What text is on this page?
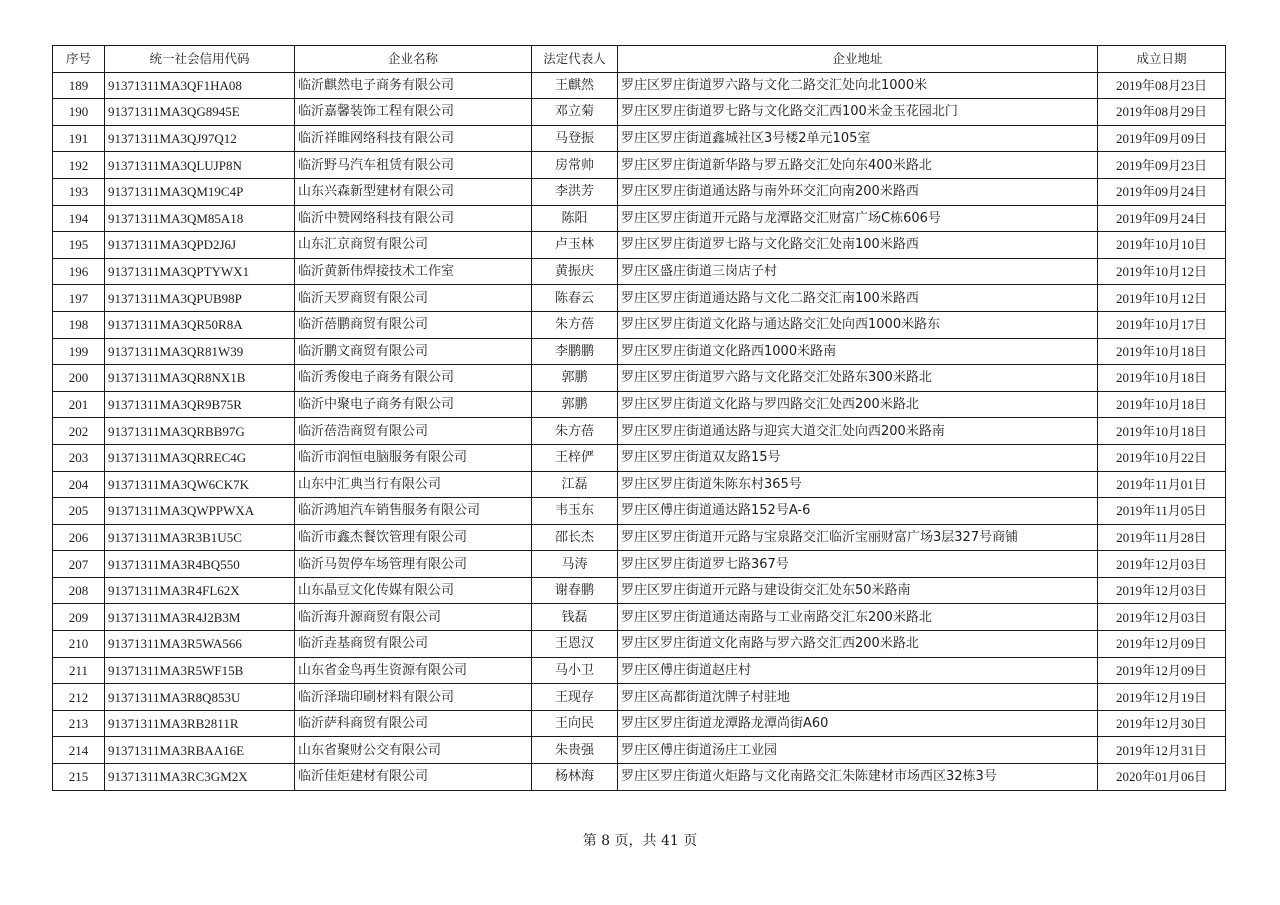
序号	统一社会信用代码	企业名称	法定代表人	企业地址	成立日期
189	91371311MA3QF1HA08	临沂麒然电子商务有限公司	王麒然	罗庄区罗庄街道罗六路与文化二路交汇处向北1000米	2019年08月23日
190	91371311MA3QG8945E	临沂嘉馨装饰工程有限公司	邓立菊	罗庄区罗庄街道罗七路与文化路交汇西100米金玉花园北门	2019年08月29日
191	91371311MA3QJ97Q12	临沂祥睢网络科技有限公司	马登振	罗庄区罗庄街道鑫城社区3号楼2单元105室	2019年09月09日
192	91371311MA3QLUJP8N	临沂野马汽车租赁有限公司	房常帅	罗庄区罗庄街道新华路与罗五路交汇处向东400米路北	2019年09月23日
193	91371311MA3QM19C4P	山东兴森新型建材有限公司	李洪芳	罗庄区罗庄街道通达路与南外环交汇向南200米路西	2019年09月24日
194	91371311MA3QM85A18	临沂中赞网络科技有限公司	陈阳	罗庄区罗庄街道开元路与龙潭路交汇财富广场C栋606号	2019年09月24日
195	91371311MA3QPD2J6J	山东汇京商贸有限公司	卢玉林	罗庄区罗庄街道罗七路与文化路交汇处南100米路西	2019年10月10日
196	91371311MA3QPTYWX1	临沂黄新伟焊接技术工作室	黄振庆	罗庄区盛庄街道三岗店子村	2019年10月12日
197	91371311MA3QPUB98P	临沂天罗商贸有限公司	陈春云	罗庄区罗庄街道通达路与文化二路交汇南100米路西	2019年10月12日
198	91371311MA3QR50R8A	临沂蓓鹏商贸有限公司	朱方蓓	罗庄区罗庄街道文化路与通达路交汇处向西1000米路东	2019年10月17日
199	91371311MA3QR81W39	临沂鹏文商贸有限公司	李鹏鹏	罗庄区罗庄街道文化路西1000米路南	2019年10月18日
200	91371311MA3QR8NX1B	临沂秀俊电子商务有限公司	郭鹏	罗庄区罗庄街道罗六路与文化路交汇处路东300米路北	2019年10月18日
201	91371311MA3QR9B75R	临沂中聚电子商务有限公司	郭鹏	罗庄区罗庄街道文化路与罗四路交汇处西200米路北	2019年10月18日
202	91371311MA3QRBB97G	临沂蓓浩商贸有限公司	朱方蓓	罗庄区罗庄街道通达路与迎宾大道交汇处向西200米路南	2019年10月18日
203	91371311MA3QRREC4G	临沂市润恒电脑服务有限公司	王梓俨	罗庄区罗庄街道双友路15号	2019年10月22日
204	91371311MA3QW6CK7K	山东中汇典当行有限公司	江磊	罗庄区罗庄街道朱陈东村365号	2019年11月01日
205	91371311MA3QWPPWXA	临沂鸿旭汽车销售服务有限公司	韦玉东	罗庄区傅庄街道通达路152号A-6	2019年11月05日
206	91371311MA3R3B1U5C	临沂市鑫杰餐饮管理有限公司	邵长杰	罗庄区罗庄街道开元路与宝泉路交汇临沂宝丽财富广场3层327号商铺	2019年11月28日
207	91371311MA3R4BQ550	临沂马贺停车场管理有限公司	马涛	罗庄区罗庄街道罗七路367号	2019年12月03日
208	91371311MA3R4FL62X	山东晶豆文化传媒有限公司	谢春鹏	罗庄区罗庄街道开元路与建设街交汇处东50米路南	2019年12月03日
209	91371311MA3R4J2B3M	临沂海升源商贸有限公司	钱磊	罗庄区罗庄街道通达南路与工业南路交汇东200米路北	2019年12月03日
210	91371311MA3R5WA566	临沂垚基商贸有限公司	王恩汉	罗庄区罗庄街道文化南路与罗六路交汇西200米路北	2019年12月09日
211	91371311MA3R5WF15B	山东省金鸟再生资源有限公司	马小卫	罗庄区傅庄街道赵庄村	2019年12月09日
212	91371311MA3R8Q853U	临沂泽瑞印刷材料有限公司	王现存	罗庄区高都街道沈牌子村驻地	2019年12月19日
213	91371311MA3RB2811R	临沂萨科商贸有限公司	王向民	罗庄区罗庄街道龙潭路龙潭尚街A60	2019年12月30日
214	91371311MA3RBAA16E	山东省聚财公交有限公司	朱贵强	罗庄区傅庄街道汤庄工业园	2019年12月31日
215	91371311MA3RC3GM2X	临沂佳炬建材有限公司	杨林海	罗庄区罗庄街道火炬路与文化南路交汇朱陈建材市场西区32栋3号	2020年01月06日
第 8 页，共 41 页
